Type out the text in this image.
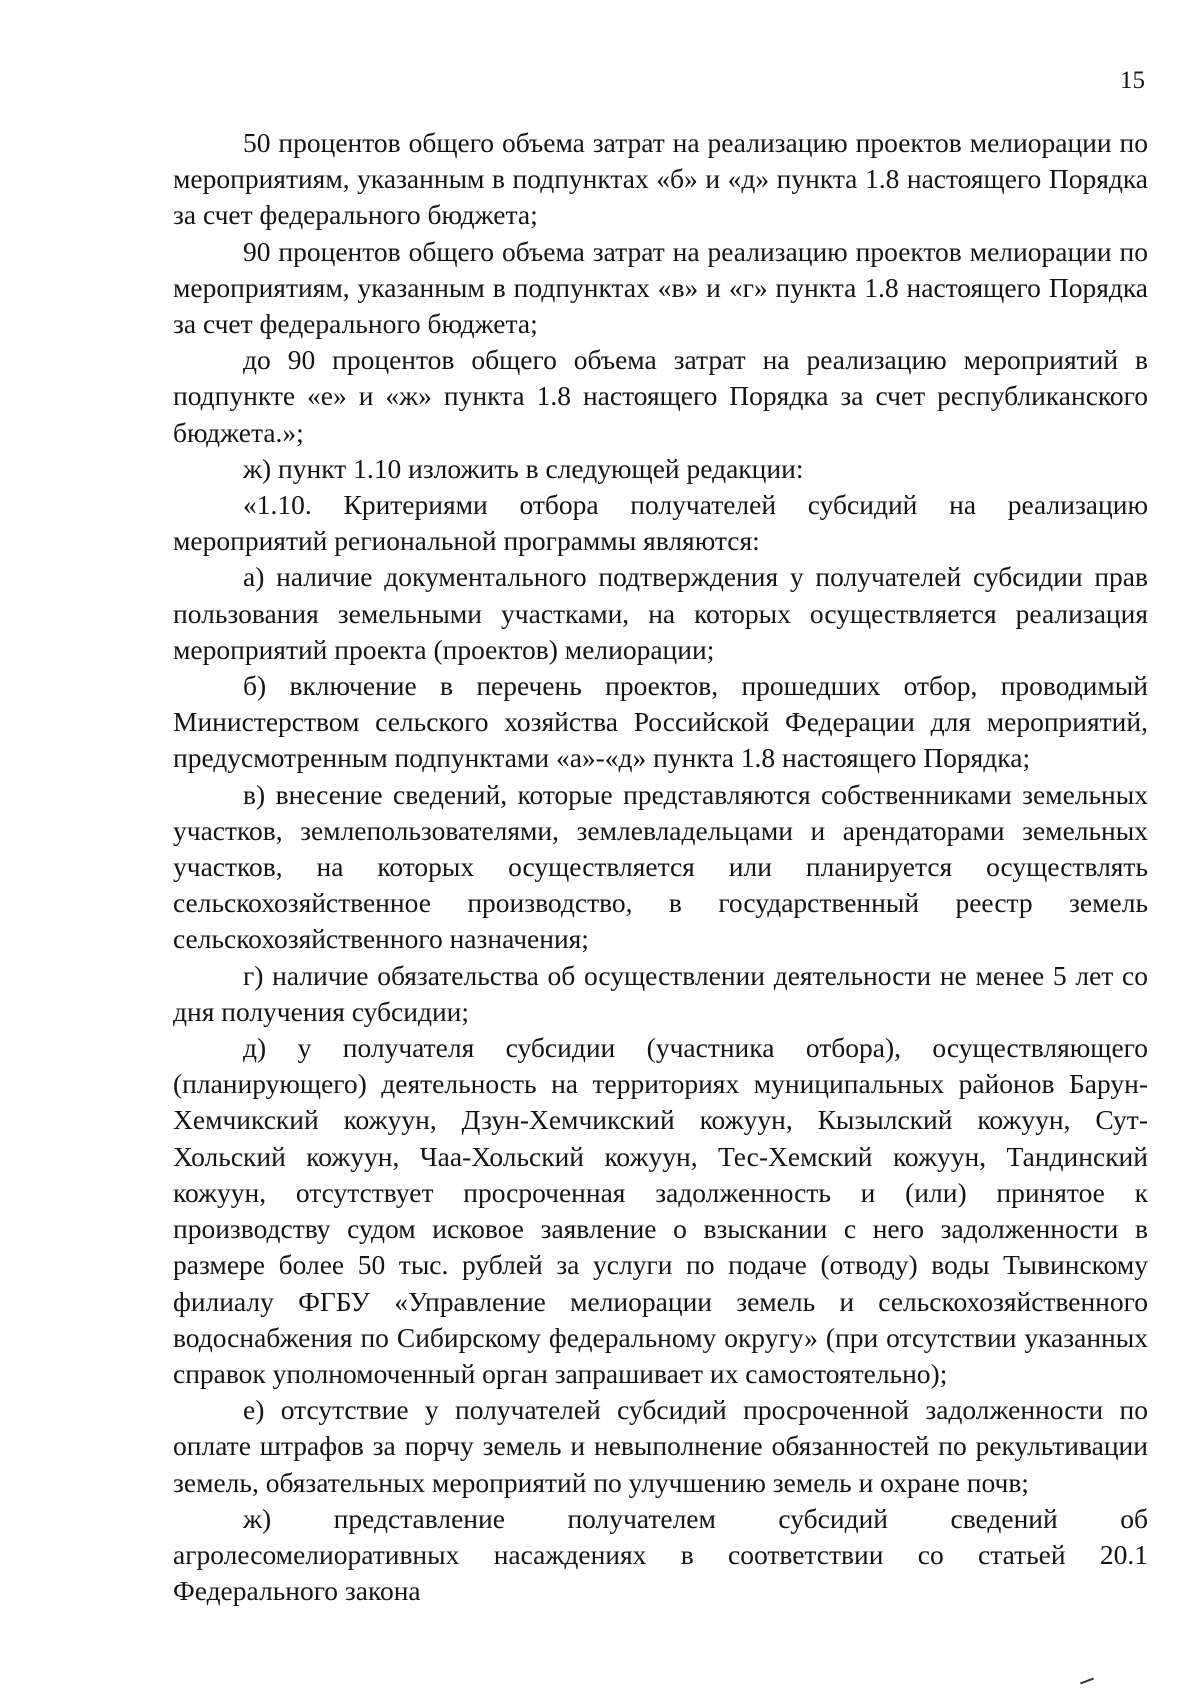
15

50 процентов общего объема затрат на реализацию проектов мелиорации по мероприятиям, указанным в подпунктах «б» и «д» пункта 1.8 настоящего Порядка за счет федерального бюджета;

90 процентов общего объема затрат на реализацию проектов мелиорации по мероприятиям, указанным в подпунктах «в» и «г» пункта 1.8 настоящего Порядка за счет федерального бюджета;

до 90 процентов общего объема затрат на реализацию мероприятий в подпункте «е» и «ж» пункта 1.8 настоящего Порядка за счет республиканского бюджета.»;

ж) пункт 1.10 изложить в следующей редакции:

«1.10. Критериями отбора получателей субсидий на реализацию мероприятий региональной программы являются:

а) наличие документального подтверждения у получателей субсидии прав пользования земельными участками, на которых осуществляется реализация мероприятий проекта (проектов) мелиорации;

б) включение в перечень проектов, прошедших отбор, проводимый Министерством сельского хозяйства Российской Федерации для мероприятий, предусмотренным подпунктами «а»-«д» пункта 1.8 настоящего Порядка;

в) внесение сведений, которые представляются собственниками земельных участков, землепользователями, землевладельцами и арендаторами земельных участков, на которых осуществляется или планируется осуществлять сельскохозяйственное производство, в государственный реестр земель сельскохозяйственного назначения;

г) наличие обязательства об осуществлении деятельности не менее 5 лет со дня получения субсидии;

д) у получателя субсидии (участника отбора), осуществляющего (планирующего) деятельность на территориях муниципальных районов Барун-Хемчикский кожуун, Дзун-Хемчикский кожуун, Кызылский кожуун, Сут-Хольский кожуун, Чаа-Хольский кожуун, Тес-Хемский кожуун, Тандинский кожуун, отсутствует просроченная задолженность и (или) принятое к производству судом исковое заявление о взыскании с него задолженности в размере более 50 тыс. рублей за услуги по подаче (отводу) воды Тывинскому филиалу ФГБУ «Управление мелиорации земель и сельскохозяйственного водоснабжения по Сибирскому федеральному округу» (при отсутствии указанных справок уполномоченный орган запрашивает их самостоятельно);

е) отсутствие у получателей субсидий просроченной задолженности по оплате штрафов за порчу земель и невыполнение обязанностей по рекультивации земель, обязательных мероприятий по улучшению земель и охране почв;

ж) представление получателем субсидий сведений об агролесомелиоративных насаждениях в соответствии со статьей 20.1 Федерального закона
